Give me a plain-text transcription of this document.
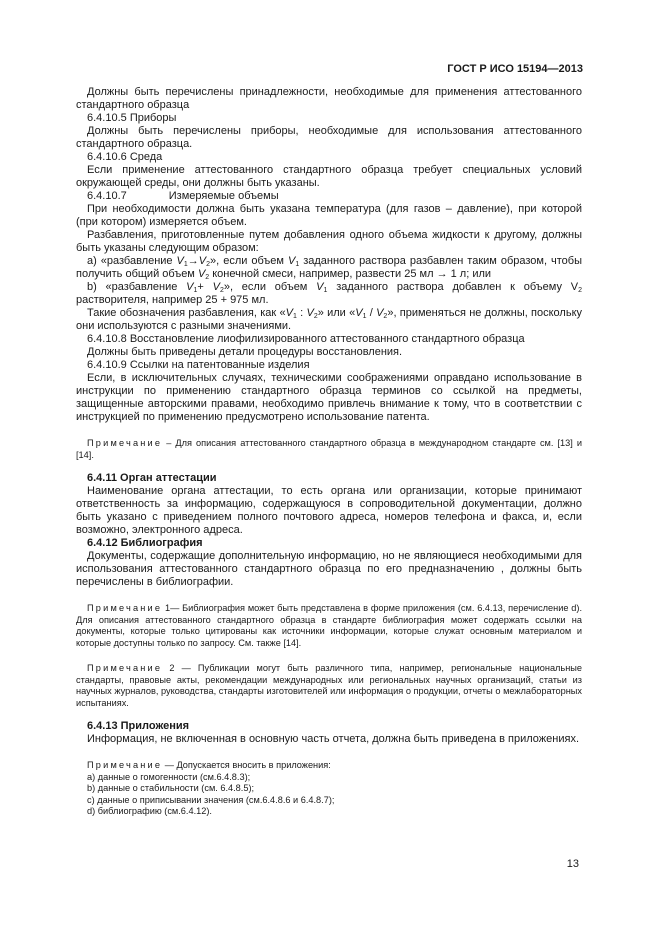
ГОСТ Р ИСО 15194—2013

Должны быть перечислены принадлежности, необходимые для применения аттестованного стандартного образца

6.4.10.5 Приборы

Должны быть перечислены приборы, необходимые для использования аттестованного стандартного образца.

6.4.10.6 Среда

Если применение аттестованного стандартного образца требует специальных условий окружающей среды, они должны быть указаны.

6.4.10.7	Измеряемые объемы

При необходимости должна быть указана температура (для газов – давление), при которой (при котором) измеряется объем.

Разбавления, приготовленные путем добавления одного объема жидкости к другому, должны быть указаны следующим образом:

а) «разбавление $V_1\to V_2$», если объем $V_1$ заданного раствора разбавлен таким образом, чтобы получить общий объем $V_2$ конечной смеси, например, развести 25 мл → 1 л; или

b) «разбавление $V_1+ V_2$», если объем $V_1$ заданного раствора добавлен к объему $V_2$ растворителя, например 25 + 975 мл.

Такие обозначения разбавления, как «$V_1$ : $V_2$» или «$V_1 / V_2$», применяться не должны, поскольку они используются с разными значениями.

6.4.10.8 Восстановление лиофилизированного аттестованного стандартного образца

Должны быть приведены детали процедуры восстановления.

6.4.10.9 Ссылки на патентованные изделия

Если, в исключительных случаях, техническими соображениями оправдано использование в инструкции по применению стандартного образца терминов со ссылкой на предметы, защищенные авторскими правами, необходимо привлечь внимание к тому, что в соответствии с инструкцией по применению предусмотрено использование патента.

Примечание – Для описания аттестованного стандартного образца в международном стандарте см. [13] и [14].

6.4.11 Орган аттестации

Наименование органа аттестации, то есть органа или организации, которые принимают ответственность за информацию, содержащуюся в сопроводительной документации, должно быть указано с приведением полного почтового адреса, номеров телефона и факса, и, если возможно, электронного адреса.

6.4.12 Библиография

Документы, содержащие дополнительную информацию, но не являющиеся необходимыми для использования аттестованного стандартного образца по его предназначению , должны быть перечислены в библиографии.

Примечание 1— Библиография может быть представлена в форме приложения (см. 6.4.13, перечисление d). Для описания аттестованного стандартного образца в стандарте библиография может содержать ссылки на документы, которые только цитированы как источники информации, которые служат основным материалом и которые доступны только по запросу. См. также [14].

Примечание 2 — Публикации могут быть различного типа, например, региональные национальные стандарты, правовые акты, рекомендации международных или региональных научных организаций, статьи из научных журналов, руководства, стандарты изготовителей или информация о продукции, отчеты о межлабораторных испытаниях.

6.4.13 Приложения

Информация, не включенная в основную часть отчета, должна быть приведена в приложениях.

Примечание — Допускается вносить в приложения:

а) данные о гомогенности (см.6.4.8.3);

b) данные о стабильности (см. 6.4.8.5);

с) данные о приписывании значения (см.6.4.8.6 и 6.4.8.7);

d) библиографию (см.6.4.12).

13
